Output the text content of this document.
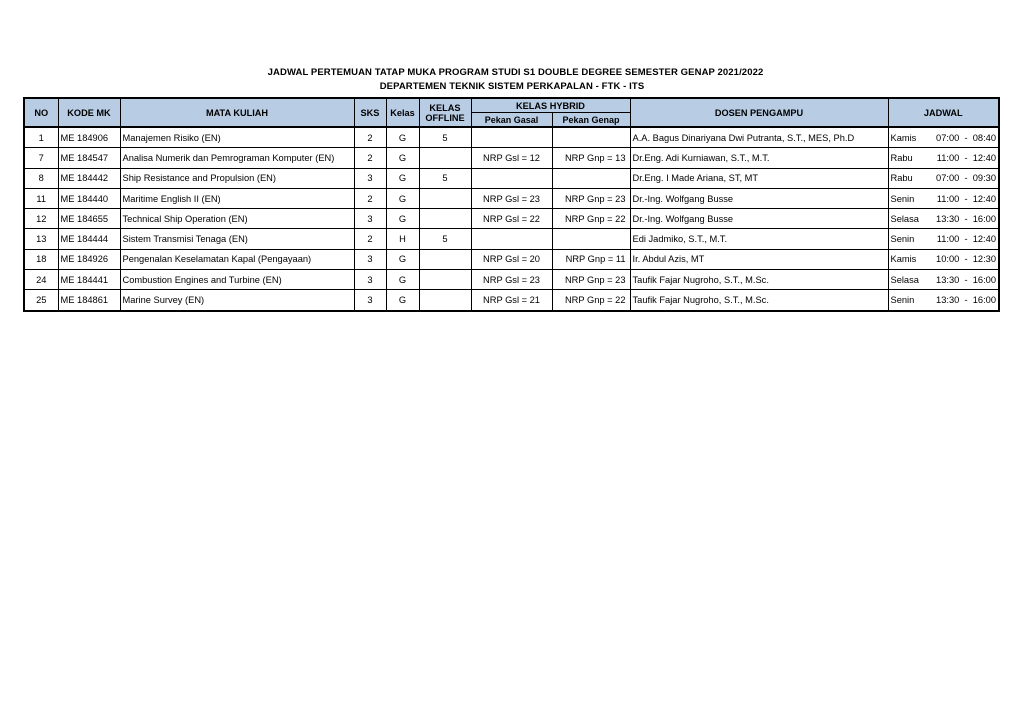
JADWAL PERTEMUAN TATAP MUKA PROGRAM STUDI S1 DOUBLE DEGREE SEMESTER GENAP 2021/2022
DEPARTEMEN TEKNIK SISTEM PERKAPALAN - FTK - ITS
NO	KODE MK	MATA KULIAH	SKS	Kelas	KELAS
OFFLINE	KELAS HYBRID		DOSEN PENGAMPU	JADWAL
						Pekan Gasal	Pekan Genap		
1	ME 184906	Manajemen Risiko (EN)	2	G	5			A.A. Bagus Dinariyana Dwi Putranta, S.T., MES, Ph.D	Kamis 07:00  -  08:40

7	ME 184547	Analisa Numerik dan Pemrograman Komputer (EN)	2	G		NRP Gsl = 12	NRP Gnp = 13	Dr.Eng. Adi Kurniawan, S.T., M.T.	Rabu 11:00  -  12:40

8	ME 184442	Ship Resistance and Propulsion (EN)	3	G	5			Dr.Eng. I Made Ariana, ST, MT	Rabu 07:00  -  09:30

11	ME 184440	Maritime English II (EN)	2	G		NRP Gsl = 23	NRP Gnp = 23	Dr.-Ing. Wolfgang Busse	Senin 11:00  -  12:40

12	ME 184655	Technical Ship Operation (EN)	3	G		NRP Gsl = 22	NRP Gnp = 22	Dr.-Ing. Wolfgang Busse	Selasa 13:30  -  16:00

13	ME 184444	Sistem Transmisi Tenaga (EN)	2	H	5			Edi Jadmiko, S.T., M.T.	Senin 11:00  -  12:40

18	ME 184926	Pengenalan Keselamatan Kapal (Pengayaan)	3	G		NRP Gsl = 20	NRP Gnp = 11	Ir. Abdul Azis, MT	Kamis 10:00  -  12:30

24	ME 184441	Combustion Engines and Turbine (EN)	3	G		NRP Gsl = 23	NRP Gnp = 23	Taufik Fajar Nugroho, S.T., M.Sc.	Selasa 13:30  -  16:00

25	ME 184861	Marine Survey (EN)	3	G		NRP Gsl = 21	NRP Gnp = 22	Taufik Fajar Nugroho, S.T., M.Sc.	Senin 13:30  -  16:00
